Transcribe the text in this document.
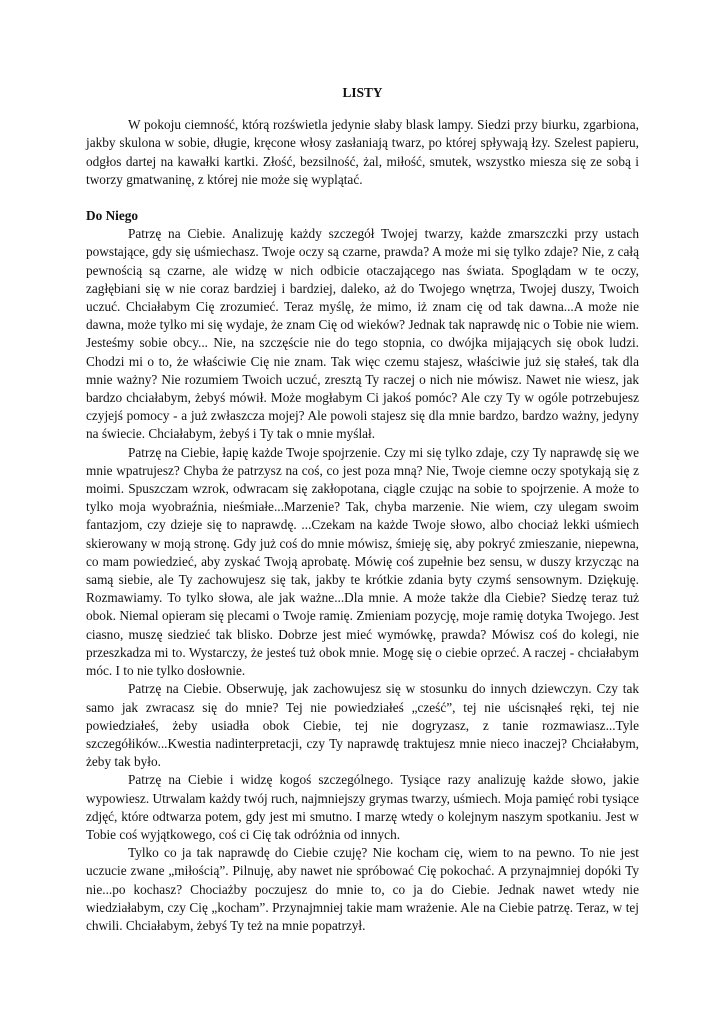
LISTY

W pokoju ciemność, którą rozświetla jedynie słaby blask lampy. Siedzi przy biurku, zgarbiona, jakby skulona w sobie, długie, kręcone włosy zasłaniają twarz, po której spływają łzy. Szelest papieru, odgłos dartej na kawałki kartki. Złość, bezsilność, żal, miłość, smutek, wszystko miesza się ze sobą i tworzy gmatwaninę, z której nie może się wyplątać.

Do Niego

Patrzę na Ciebie. Analizuję każdy szczegół Twojej twarzy, każde zmarszczki przy ustach powstające, gdy się uśmiechasz. Twoje oczy są czarne, prawda? A może mi się tylko zdaje? Nie, z całą pewnością są czarne, ale widzę w nich odbicie otaczającego nas świata. Spoglądam w te oczy, zagłębiani się w nie coraz bardziej i bardziej, daleko, aż do Twojego wnętrza, Twojej duszy, Twoich uczuć. Chciałabym Cię zrozumieć. Teraz myślę, że mimo, iż znam cię od tak dawna...A może nie dawna, może tylko mi się wydaje, że znam Cię od wieków? Jednak tak naprawdę nic o Tobie nie wiem. Jesteśmy sobie obcy... Nie, na szczęście nie do tego stopnia, co dwójka mijających się obok ludzi. Chodzi mi o to, że właściwie Cię nie znam. Tak więc czemu stajesz, właściwie już się stałeś, tak dla mnie ważny? Nie rozumiem Twoich uczuć, zresztą Ty raczej o nich nie mówisz. Nawet nie wiesz, jak bardzo chciałabym, żebyś mówił. Może mogłabym Ci jakoś pomóc? Ale czy Ty w ogóle potrzebujesz czyjejś pomocy - a już zwłaszcza mojej? Ale powoli stajesz się dla mnie bardzo, bardzo ważny, jedyny na świecie. Chciałabym, żebyś i Ty tak o mnie myślał.

Patrzę na Ciebie, łapię każde Twoje spojrzenie. Czy mi się tylko zdaje, czy Ty naprawdę się we mnie wpatrujesz? Chyba że patrzysz na coś, co jest poza mną? Nie, Twoje ciemne oczy spotykają się z moimi. Spuszczam wzrok, odwracam się zakłopotana, ciągle czując na sobie to spojrzenie. A może to tylko moja wyobraźnia, nieśmiałe...Marzenie? Tak, chyba marzenie. Nie wiem, czy ulegam swoim fantazjom, czy dzieje się to naprawdę. ...Czekam na każde Twoje słowo, albo chociaż lekki uśmiech skierowany w moją stronę. Gdy już coś do mnie mówisz, śmieję się, aby pokryć zmieszanie, niepewna, co mam powiedzieć, aby zyskać Twoją aprobatę. Mówię coś zupełnie bez sensu, w duszy krzycząc na samą siebie, ale Ty zachowujesz się tak, jakby te krótkie zdania byty czymś sensownym. Dziękuję. Rozmawiamy. To tylko słowa, ale jak ważne...Dla mnie. A może także dla Ciebie? Siedzę teraz tuż obok. Niemal opieram się plecami o Twoje ramię. Zmieniam pozycję, moje ramię dotyka Twojego. Jest ciasno, muszę siedzieć tak blisko. Dobrze jest mieć wymówkę, prawda? Mówisz coś do kolegi, nie przeszkadza mi to. Wystarczy, że jesteś tuż obok mnie. Mogę się o ciebie oprzeć. A raczej - chciałabym móc. I to nie tylko dosłownie.

Patrzę na Ciebie. Obserwuję, jak zachowujesz się w stosunku do innych dziewczyn. Czy tak samo jak zwracasz się do mnie? Tej nie powiedziałeś „cześć”, tej nie uścisnąłeś ręki, tej nie powiedziałeś, żeby usiadła obok Ciebie, tej nie dogryzasz, z tanie rozmawiasz...Tyle szczegółików...Kwestia nadinterpretacji, czy Ty naprawdę traktujesz mnie nieco inaczej? Chciałabym, żeby tak było.

Patrzę na Ciebie i widzę kogoś szczególnego. Tysiące razy analizuję każde słowo, jakie wypowiesz. Utrwalam każdy twój ruch, najmniejszy grymas twarzy, uśmiech. Moja pamięć robi tysiące zdjęć, które odtwarza potem, gdy jest mi smutno. I marzę wtedy o kolejnym naszym spotkaniu. Jest w Tobie coś wyjątkowego, coś ci Cię tak odróżnia od innych.

Tylko co ja tak naprawdę do Ciebie czuję? Nie kocham cię, wiem to na pewno. To nie jest uczucie zwane „miłością”. Pilnuję, aby nawet nie spróbować Cię pokochać. A przynajmniej dopóki Ty nie...po kochasz? Chociażby poczujesz do mnie to, co ja do Ciebie. Jednak nawet wtedy nie wiedziałabym, czy Cię „kocham”. Przynajmniej takie mam wrażenie. Ale na Ciebie patrzę. Teraz, w tej chwili. Chciałabym, żebyś Ty też na mnie popatrzył.
